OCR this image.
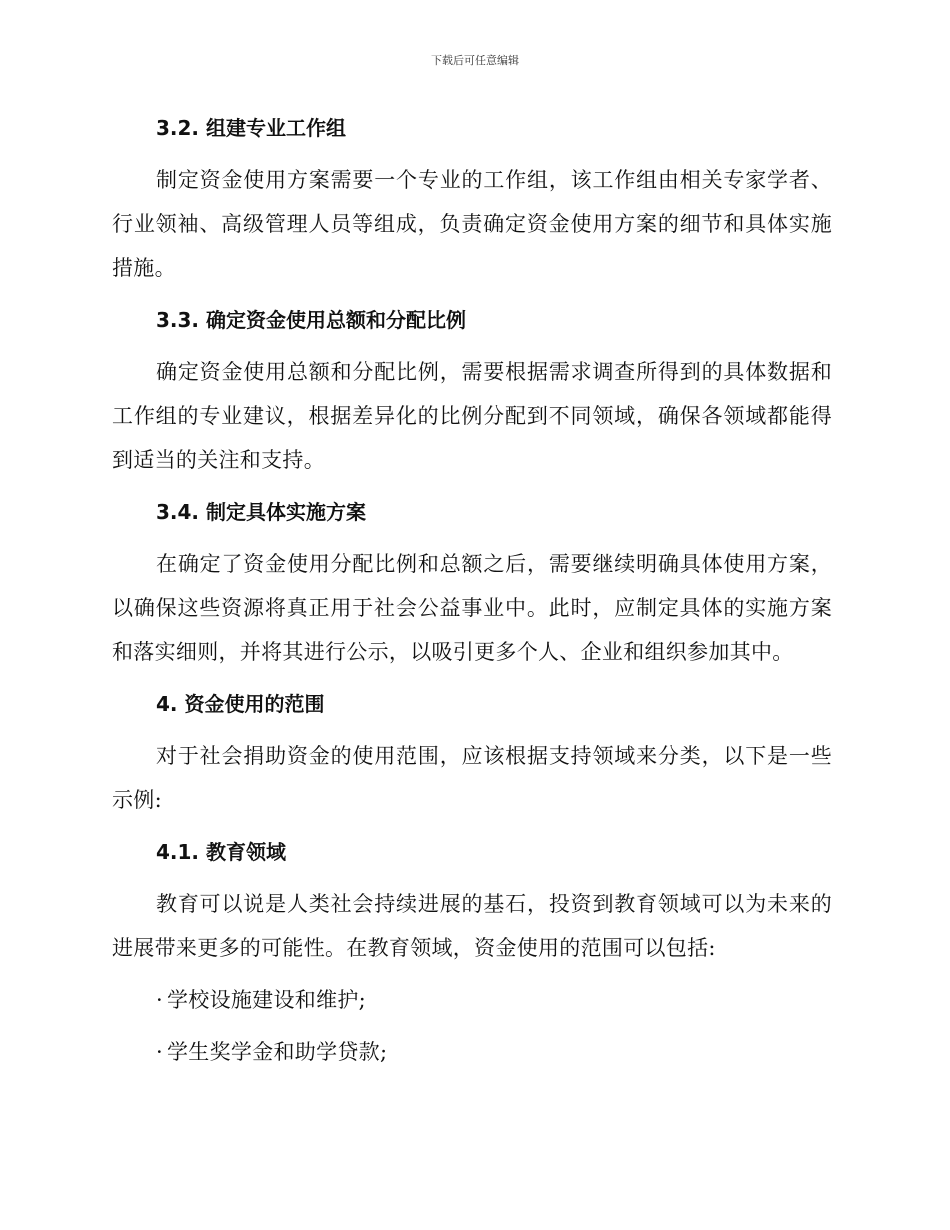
下载后可任意编辑
3.2. 组建专业工作组

制定资金使用方案需要一个专业的工作组，该工作组由相关专家学者、行业领袖、高级管理人员等组成，负责确定资金使用方案的细节和具体实施措施。

3.3. 确定资金使用总额和分配比例

确定资金使用总额和分配比例，需要根据需求调查所得到的具体数据和工作组的专业建议，根据差异化的比例分配到不同领域，确保各领域都能得到适当的关注和支持。

3.4. 制定具体实施方案

在确定了资金使用分配比例和总额之后，需要继续明确具体使用方案，以确保这些资源将真正用于社会公益事业中。此时，应制定具体的实施方案和落实细则，并将其进行公示，以吸引更多个人、企业和组织参加其中。

4. 资金使用的范围

对于社会捐助资金的使用范围，应该根据支持领域来分类，以下是一些示例:

4.1. 教育领域

教育可以说是人类社会持续进展的基石，投资到教育领域可以为未来的进展带来更多的可能性。在教育领域，资金使用的范围可以包括:

· 学校设施建设和维护;

· 学生奖学金和助学贷款;
